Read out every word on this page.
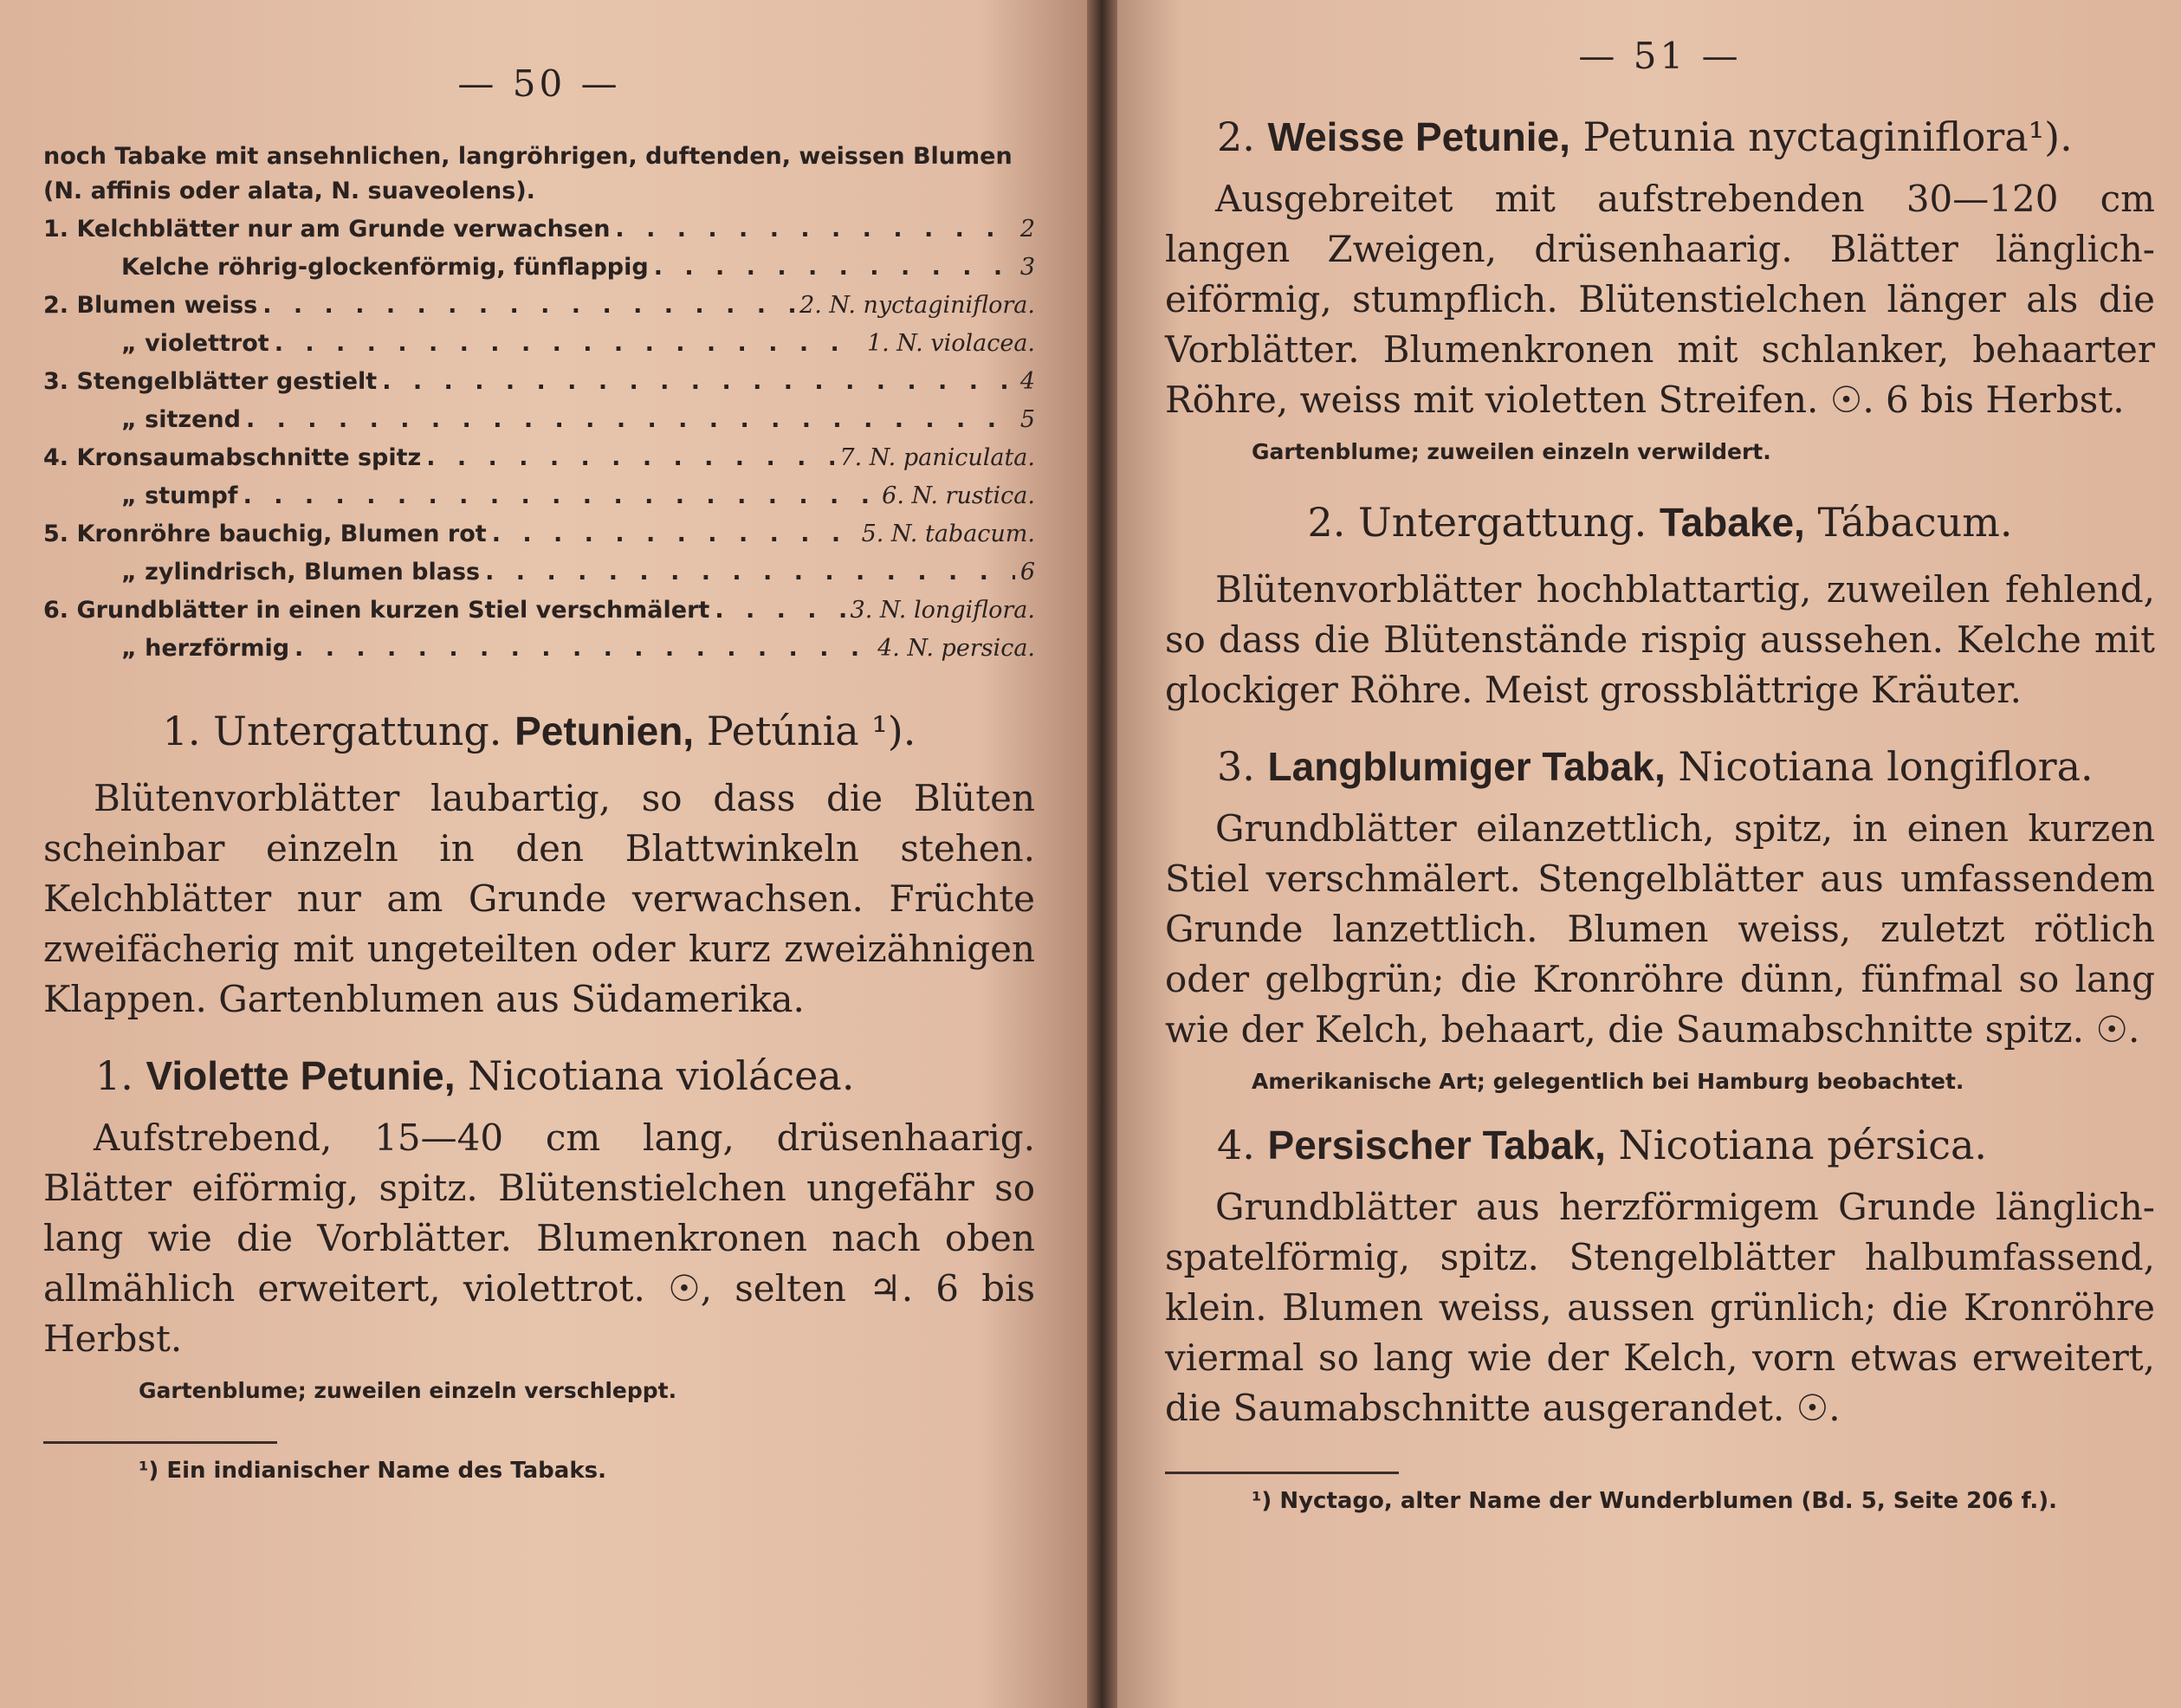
— 50 —
noch Tabake mit ansehnlichen, langröhrigen, duftenden, weissen Blumen (N. affinis oder alata, N. suaveolens).
1. Kelchblätter nur am Grunde verwachsen . . .	2
Kelche röhrig-glockenförmig, fünflappig . . .	3
2. Blumen weiss . . .	2. N. nyctaginiflora.
„ violettrot . . .	1. N. violacea.
3. Stengelblätter gestielt . . .	4
„ sitzend . . .	5
4. Kronsaumabschnitte spitz . . .	7. N. paniculata.
„ stumpf . . .	6. N. rustica.
5. Kronröhre bauchig, Blumen rot . . .	5. N. tabacum.
„ zylindrisch, Blumen blass . . .	6
6. Grundblätter in einen kurzen Stiel verschmälert . . .	3. N. longiflora.
„ herzförmig . . .	4. N. persica.
1. Untergattung. Petunien, Petúnia ¹).

Blütenvorblätter laubartig, so dass die Blüten scheinbar einzeln in den Blattwinkeln stehen. Kelchblätter nur am Grunde verwachsen. Früchte zweifächerig mit ungeteilten oder kurz zweizähnigen Klappen. Gartenblumen aus Südamerika.

1. Violette Petunie, Nicotiana violácea.

Aufstrebend, 15—40 cm lang, drüsenhaarig. Blätter eiförmig, spitz. Blütenstielchen ungefähr so lang wie die Vorblätter. Blumenkronen nach oben allmählich erweitert, violettrot. ☉, selten ♃. 6 bis Herbst.

Gartenblume; zuweilen einzeln verschleppt.
¹) Ein indianischer Name des Tabaks.
— 51 —
2. Weisse Petunie, Petunia nyctaginiflora¹).

Ausgebreitet mit aufstrebenden 30—120 cm langen Zweigen, drüsenhaarig. Blätter länglich-eiförmig, stumpflich. Blütenstielchen länger als die Vorblätter. Blumenkronen mit schlanker, behaarter Röhre, weiss mit violetten Streifen. ☉. 6 bis Herbst.

Gartenblume; zuweilen einzeln verwildert.
2. Untergattung. Tabake, Tábacum.

Blütenvorblätter hochblattartig, zuweilen fehlend, so dass die Blütenstände rispig aussehen. Kelche mit glockiger Röhre. Meist grossblättrige Kräuter.

3. Langblumiger Tabak, Nicotiana longiflora.

Grundblätter eilanzettlich, spitz, in einen kurzen Stiel verschmälert. Stengelblätter aus umfassendem Grunde lanzettlich. Blumen weiss, zuletzt rötlich oder gelbgrün; die Kronröhre dünn, fünfmal so lang wie der Kelch, behaart, die Saumabschnitte spitz. ☉.

Amerikanische Art; gelegentlich bei Hamburg beobachtet.
4. Persischer Tabak, Nicotiana pérsica.

Grundblätter aus herzförmigem Grunde länglich-spatelförmig, spitz. Stengelblätter halbumfassend, klein. Blumen weiss, aussen grünlich; die Kronröhre viermal so lang wie der Kelch, vorn etwas erweitert, die Saumabschnitte ausgerandet. ☉.

¹) Nyctago, alter Name der Wunderblumen (Bd. 5, Seite 206 f.).
